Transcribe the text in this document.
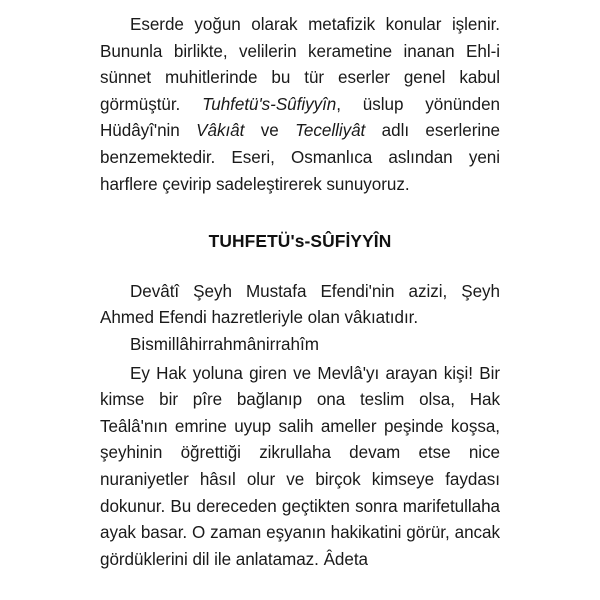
Eserde yoğun olarak metafizik konular işlenir. Bununla birlikte, velilerin kerametine inanan Ehl-i sünnet muhitlerinde bu tür eserler genel kabul görmüştür. Tuhfetü's-Sûfiyyîn, üslup yönünden Hüdâyî'nin Vâkıât ve Tecelliyât adlı eserlerine benzemektedir. Eseri, Osmanlıca aslından yeni harflere çevirip sadeleştirerek sunuyoruz.

TUHFETÜ's-SÛFİYYÎN

Devâtî Şeyh Mustafa Efendi'nin azizi, Şeyh Ahmed Efendi hazretleriyle olan vâkıatıdır.

Bismillâhirrahmânirrahîm

Ey Hak yoluna giren ve Mevlâ'yı arayan kişi! Bir kimse bir pîre bağlanıp ona teslim olsa, Hak Teâlâ'nın emrine uyup salih ameller peşinde koşsa, şeyhinin öğrettiği zikrullaha devam etse nice nuraniyetler hâsıl olur ve birçok kimseye faydası dokunur. Bu dereceden geçtikten sonra marifetullaha ayak basar. O zaman eşyanın hakikatini görür, ancak gördüklerini dil ile anlatamaz. Âdeta
